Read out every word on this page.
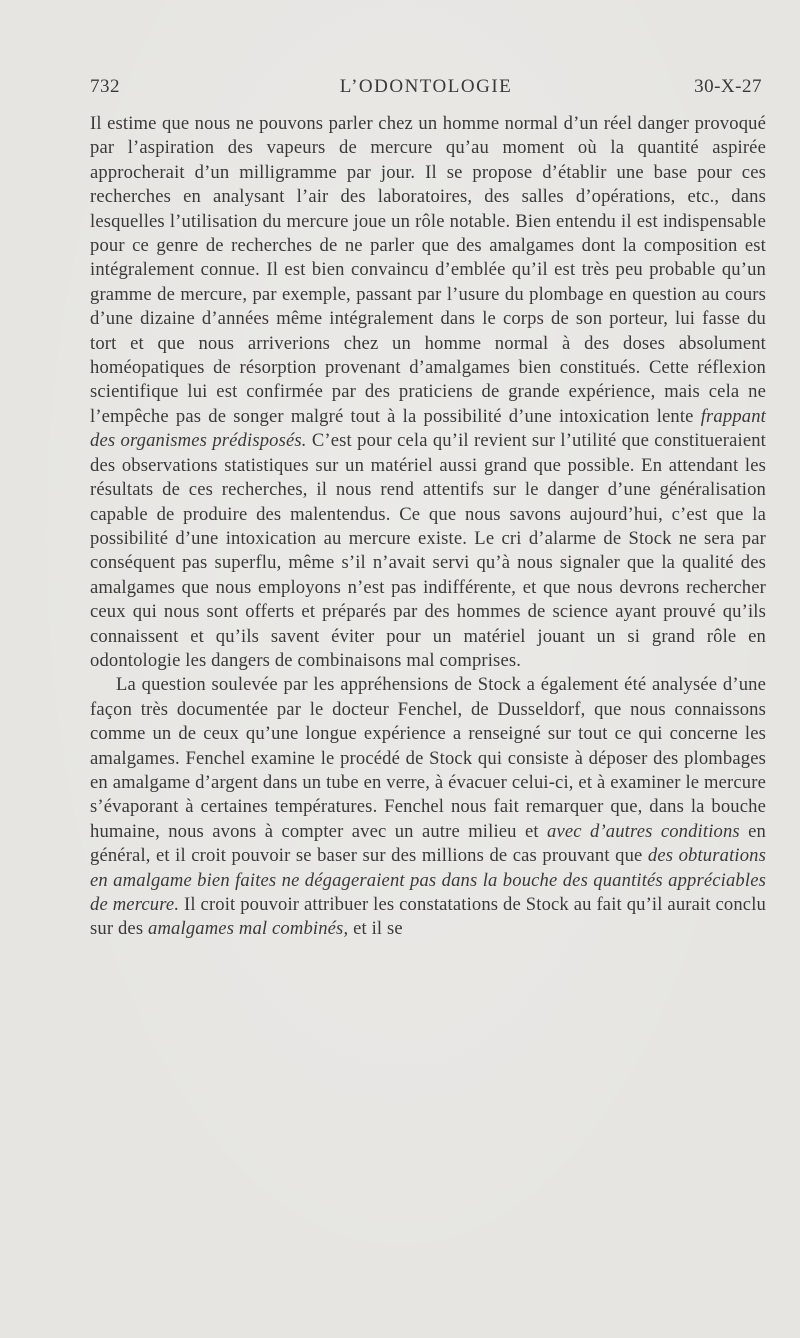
732	L’ODONTOLOGIE	30-X-27

Il estime que nous ne pouvons parler chez un homme normal d’un réel danger provoqué par l’aspiration des vapeurs de mercure qu’au moment où la quantité aspirée approcherait d’un milligramme par jour. Il se propose d’établir une base pour ces recherches en analysant l’air des laboratoires, des salles d’opérations, etc., dans lesquelles l’utilisation du mercure joue un rôle notable. Bien entendu il est indispensable pour ce genre de recherches de ne parler que des amalgames dont la composition est intégralement connue. Il est bien convaincu d’emblée qu’il est très peu probable qu’un gramme de mercure, par exemple, passant par l’usure du plombage en question au cours d’une dizaine d’années même intégralement dans le corps de son porteur, lui fasse du tort et que nous arriverions chez un homme normal à des doses absolument homéopatiques de résorption provenant d’amalgames bien constitués. Cette réflexion scientifique lui est confirmée par des praticiens de grande expérience, mais cela ne l’empêche pas de songer malgré tout à la possibilité d’une intoxication lente frappant des organismes prédisposés. C’est pour cela qu’il revient sur l’utilité que constitueraient des observations statistiques sur un matériel aussi grand que possible. En attendant les résultats de ces recherches, il nous rend attentifs sur le danger d’une généralisation capable de produire des malentendus. Ce que nous savons aujourd’hui, c’est que la possibilité d’une intoxication au mercure existe. Le cri d’alarme de Stock ne sera par conséquent pas superflu, même s’il n’avait servi qu’à nous signaler que la qualité des amalgames que nous employons n’est pas indifférente, et que nous devrons rechercher ceux qui nous sont offerts et préparés par des hommes de science ayant prouvé qu’ils connaissent et qu’ils savent éviter pour un matériel jouant un si grand rôle en odontologie les dangers de combinaisons mal comprises.

La question soulevée par les appréhensions de Stock a également été analysée d’une façon très documentée par le docteur Fenchel, de Dusseldorf, que nous connaissons comme un de ceux qu’une longue expérience a renseigné sur tout ce qui concerne les amalgames. Fenchel examine le procédé de Stock qui consiste à déposer des plombages en amalgame d’argent dans un tube en verre, à évacuer celui-ci, et à examiner le mercure s’évaporant à certaines températures. Fenchel nous fait remarquer que, dans la bouche humaine, nous avons à compter avec un autre milieu et avec d’autres conditions en général, et il croit pouvoir se baser sur des millions de cas prouvant que des obturations en amalgame bien faites ne dégageraient pas dans la bouche des quantités appréciables de mercure. Il croit pouvoir attribuer les constatations de Stock au fait qu’il aurait conclu sur des amalgames mal combinés, et il se
